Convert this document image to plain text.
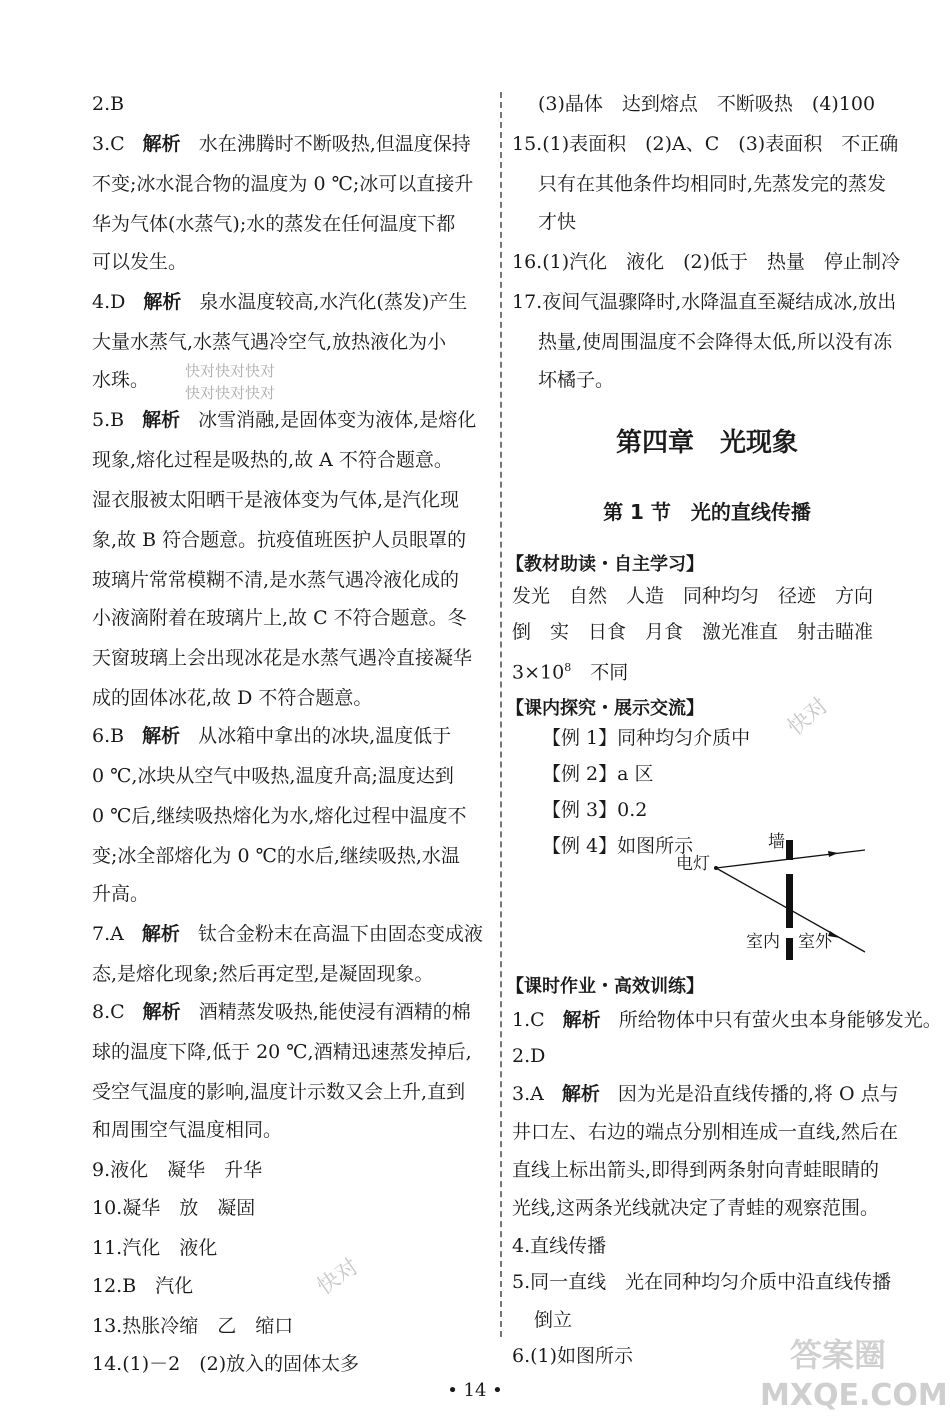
2.B
3.C 解析 水在沸腾时不断吸热,但温度保持
不变;冰水混合物的温度为 0 ℃;冰可以直接升
华为气体(水蒸气);水的蒸发在任何温度下都
可以发生。
4.D 解析 泉水温度较高,水汽化(蒸发)产生
大量水蒸气,水蒸气遇冷空气,放热液化为小
水珠。
5.B 解析 冰雪消融,是固体变为液体,是熔化
现象,熔化过程是吸热的,故 A 不符合题意。
湿衣服被太阳晒干是液体变为气体,是汽化现
象,故 B 符合题意。抗疫值班医护人员眼罩的
玻璃片常常模糊不清,是水蒸气遇冷液化成的
小液滴附着在玻璃片上,故 C 不符合题意。冬
天窗玻璃上会出现冰花是水蒸气遇冷直接凝华
成的固体冰花,故 D 不符合题意。
6.B 解析 从冰箱中拿出的冰块,温度低于
0 ℃,冰块从空气中吸热,温度升高;温度达到
0 ℃后,继续吸热熔化为水,熔化过程中温度不
变;冰全部熔化为 0 ℃的水后,继续吸热,水温
升高。
7.A 解析 钛合金粉末在高温下由固态变成液
态,是熔化现象;然后再定型,是凝固现象。
8.C 解析 酒精蒸发吸热,能使浸有酒精的棉
球的温度下降,低于 20 ℃,酒精迅速蒸发掉后,
受空气温度的影响,温度计示数又会上升,直到
和周围空气温度相同。
9.液化　凝华　升华
10.凝华　放　凝固
11.汽化　液化
12.B　汽化
13.热胀冷缩　乙　缩口
14.(1)－2　(2)放入的固体太多
(3)晶体　达到熔点　不断吸热　(4)100
15.(1)表面积　(2)A、C　(3)表面积　不正确
只有在其他条件均相同时,先蒸发完的蒸发
才快
16.(1)汽化　液化　(2)低于　热量　停止制冷
17.夜间气温骤降时,水降温直至凝结成冰,放出
热量,使周围温度不会降得太低,所以没有冻
坏橘子。
第四章　光现象
第 1 节　光的直线传播
【教材助读・自主学习】
发光　自然　人造　同种均匀　径迹　方向
倒　实　日食　月食　激光准直　射击瞄准
$3\times 10^8$　不同
【课内探究・展示交流】
【例 1】同种均匀介质中
【例 2】a 区
【例 3】0.2
【例 4】如图所示
【课时作业・高效训练】
1.C 解析 所给物体中只有萤火虫本身能够发光。
2.D
3.A 解析 因为光是沿直线传播的,将 O 点与
井口左、右边的端点分别相连成一直线,然后在
直线上标出箭头,即得到两条射向青蛙眼睛的
光线,这两条光线就决定了青蛙的观察范围。
4.直线传播
5.同一直线　光在同种均匀介质中沿直线传播
倒立
6.(1)如图所示
电灯
墙
室内 室外
快对快对快对
快对快对快对
快对
快对
答案圈
MXQE.COM
• 14 •
